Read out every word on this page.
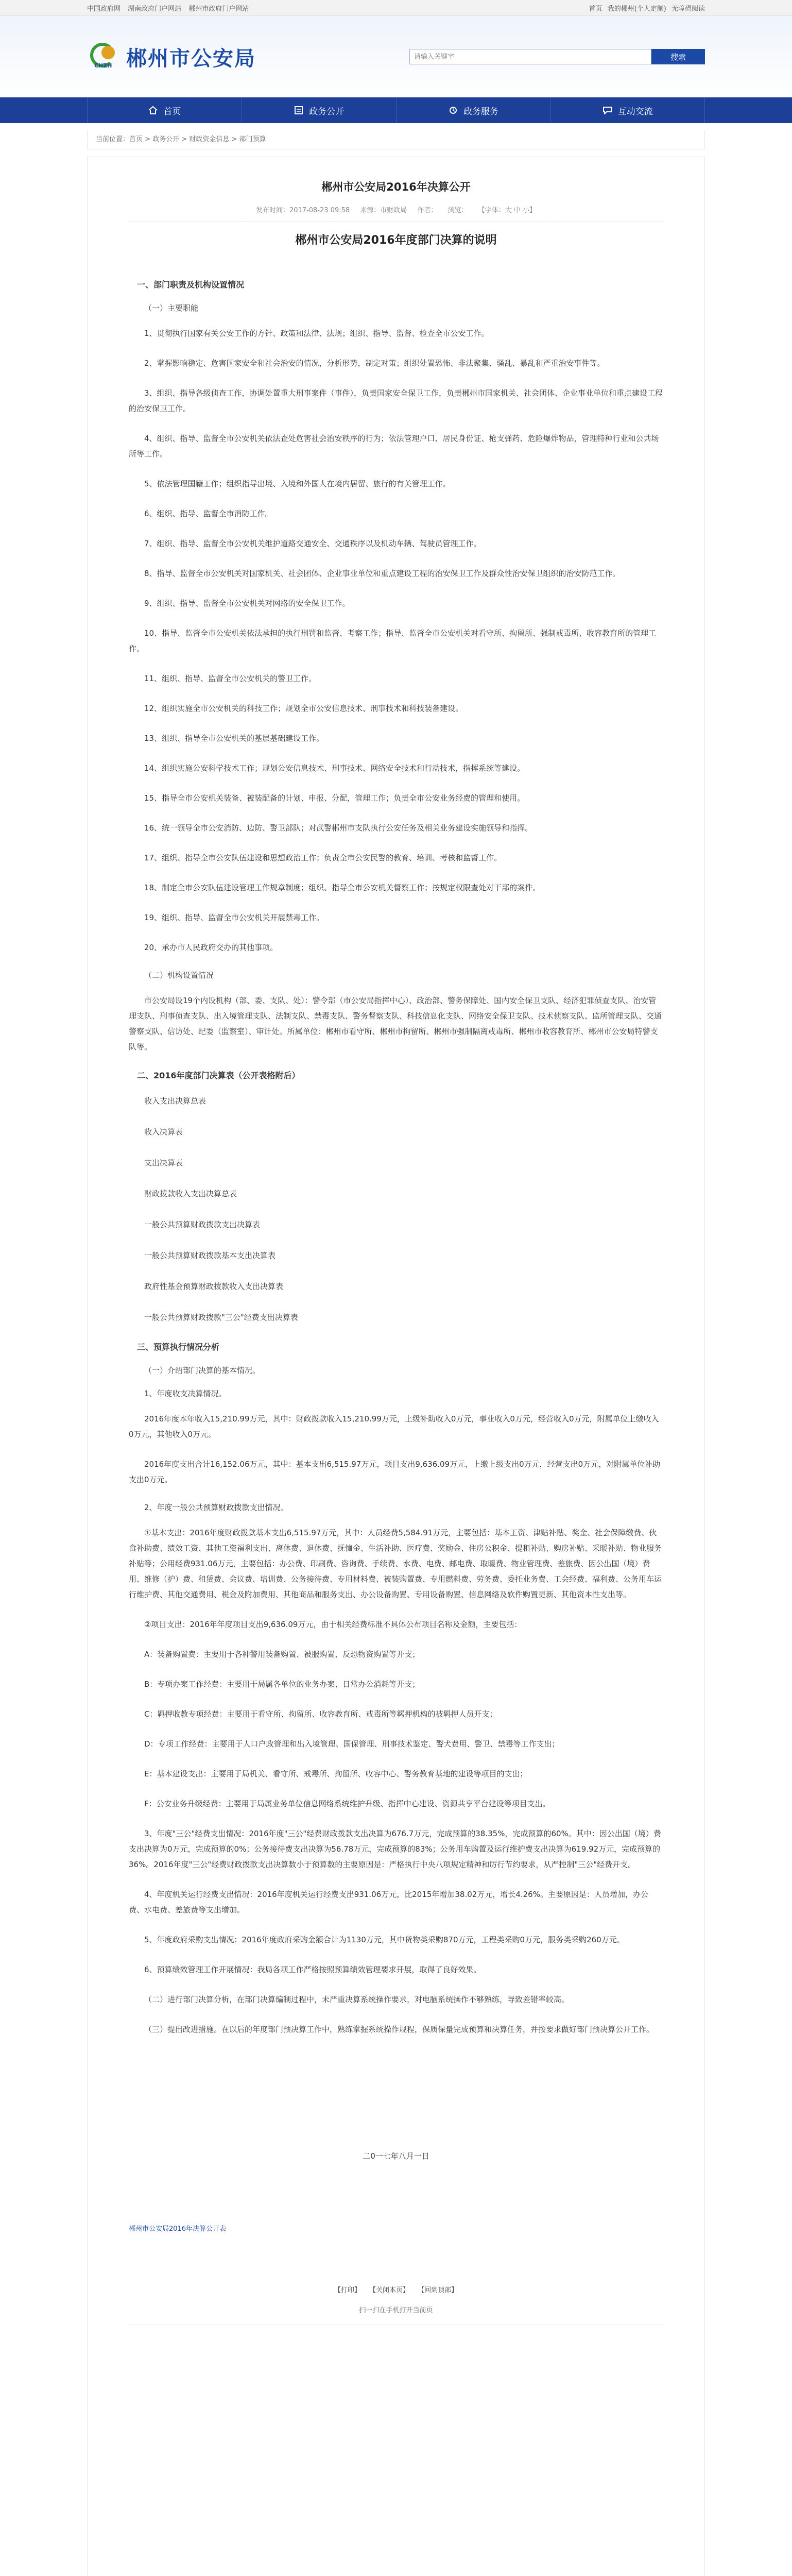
中国政府网 湖南政府门户网站 郴州市政府门户网站	首页 我的郴州(个人定制) 无障碍阅读
CHZH 郴州市公安局
请输入关键字	搜索
首页	政务公开	政务服务	互动交流
当前位置：首页 > 政务公开 > 财政资金信息 > 部门预算
郴州市公安局2016年决算公开
发布时间：2017-08-23 09:58 来源：市财政局 作者： 浏览： 【字体：大 中 小】
郴州市公安局2016年度部门决算的说明
一、部门职责及机构设置情况
（一）主要职能
1、贯彻执行国家有关公安工作的方针、政策和法律、法规；组织、指导、监督、检查全市公安工作。
2、掌握影响稳定、危害国家安全和社会治安的情况，分析形势，制定对策；组织处置恐怖、非法聚集、骚乱、暴乱和严重治安事件等。
3、组织、指导各级侦查工作，协调处置重大刑事案件（事件），负责国家安全保卫工作，负责郴州市国家机关、社会团体、企业事业单位和重点建设工程的治安保卫工作。
4、组织、指导、监督全市公安机关依法查处危害社会治安秩序的行为；依法管理户口、居民身份证、枪支弹药、危险爆炸物品，管理特种行业和公共场所等工作。
5、依法管理国籍工作；组织指导出境、入境和外国人在境内居留、旅行的有关管理工作。
6、组织、指导、监督全市消防工作。
7、组织、指导、监督全市公安机关维护道路交通安全、交通秩序以及机动车辆、驾驶员管理工作。
8、指导、监督全市公安机关对国家机关、社会团体、企业事业单位和重点建设工程的治安保卫工作及群众性治安保卫组织的治安防范工作。
9、组织、指导、监督全市公安机关对网络的安全保卫工作。
10、指导、监督全市公安机关依法承担的执行刑罚和监督、考察工作；指导、监督全市公安机关对看守所、拘留所、强制戒毒所、收容教育所的管理工作。
11、组织、指导、监督全市公安机关的警卫工作。
12、组织实施全市公安机关的科技工作；规划全市公安信息技术、刑事技术和科技装备建设。
13、组织、指导全市公安机关的基层基础建设工作。
14、组织实施公安科学技术工作；规划公安信息技术、刑事技术、网络安全技术和行动技术，指挥系统等建设。
15、指导全市公安机关装备、被装配备的计划、申报、分配，管理工作；负责全市公安业务经费的管理和使用。
16、统一领导全市公安消防、边防、警卫部队；对武警郴州市支队执行公安任务及相关业务建设实施领导和指挥。
17、组织、指导全市公安队伍建设和思想政治工作；负责全市公安民警的教育、培训、考核和监督工作。
18、制定全市公安队伍建设管理工作规章制度；组织、指导全市公安机关督察工作；按规定权限查处对干部的案件。
19、组织、指导、监督全市公安机关开展禁毒工作。
20、承办市人民政府交办的其他事项。
（二）机构设置情况
市公安局设19个内设机构（部、委、支队、处）：警令部（市公安局指挥中心）、政治部、警务保障处、国内安全保卫支队、经济犯罪侦查支队、治安管理支队、刑事侦查支队、出入境管理支队、法制支队、禁毒支队、警务督察支队、科技信息化支队、网络安全保卫支队、技术侦察支队、监所管理支队、交通警察支队、信访处、纪委（监察室）、审计处。所属单位：郴州市看守所、郴州市拘留所、郴州市强制隔离戒毒所、郴州市收容教育所、郴州市公安局特警支队等。
二、2016年度部门决算表（公开表格附后）
收入支出决算总表
收入决算表
支出决算表
财政拨款收入支出决算总表
一般公共预算财政拨款支出决算表
一般公共预算财政拨款基本支出决算表
政府性基金预算财政拨款收入支出决算表
一般公共预算财政拨款"三公"经费支出决算表
三、预算执行情况分析
（一）介绍部门决算的基本情况。
1、年度收支决算情况。
2016年度本年收入15,210.99万元，其中：财政拨款收入15,210.99万元，上级补助收入0万元，事业收入0万元，经营收入0万元，附属单位上缴收入0万元，其他收入0万元。
2016年度支出合计16,152.06万元，其中：基本支出6,515.97万元，项目支出9,636.09万元，上缴上级支出0万元，经营支出0万元，对附属单位补助支出0万元。
2、年度一般公共预算财政拨款支出情况。
①基本支出：2016年度财政拨款基本支出6,515.97万元，其中：人员经费5,584.91万元，主要包括：基本工资、津贴补贴、奖金、社会保障缴费、伙食补助费、绩效工资、其他工资福利支出、离休费、退休费、抚恤金、生活补助、医疗费、奖励金、住房公积金、提租补贴、购房补贴、采暖补贴、物业服务补贴等；公用经费931.06万元，主要包括：办公费、印刷费、咨询费、手续费、水费、电费、邮电费、取暖费、物业管理费、差旅费、因公出国（境）费用、维修（护）费、租赁费、会议费、培训费、公务接待费、专用材料费、被装购置费、专用燃料费、劳务费、委托业务费、工会经费、福利费、公务用车运行维护费、其他交通费用、税金及附加费用、其他商品和服务支出、办公设备购置、专用设备购置、信息网络及软件购置更新、其他资本性支出等。
②项目支出：2016年年度项目支出9,636.09万元，由于相关经费标准不具体公布项目名称及金额，主要包括：
A：装备购置费：主要用于各种警用装备购置、被服购置、反恐物资购置等开支；
B：专项办案工作经费：主要用于局属各单位的业务办案、日常办公消耗等开支；
C：羁押收教专项经费：主要用于看守所、拘留所、收容教育所、戒毒所等羁押机构的被羁押人员开支；
D：专项工作经费：主要用于人口户政管理和出入境管理、国保管理、刑事技术鉴定、警犬费用、警卫、禁毒等工作支出；
E：基本建设支出：主要用于局机关、看守所、戒毒所、拘留所、收容中心、警务教育基地的建设等项目的支出；
F：公安业务升级经费：主要用于局属业务单位信息网络系统维护升级、指挥中心建设、资源共享平台建设等项目支出。
3、年度"三公"经费支出情况：2016年度"三公"经费财政拨款支出决算为676.7万元，完成预算的38.35%，完成预算的60%。其中：因公出国（境）费支出决算为0万元，完成预算的0%；公务接待费支出决算为56.78万元，完成预算的83%；公务用车购置及运行维护费支出决算为619.92万元，完成预算的36%。2016年度"三公"经费财政拨款支出决算数小于预算数的主要原因是：严格执行中央八项规定精神和厉行节约要求，从严控制"三公"经费开支。
4、年度机关运行经费支出情况：2016年度机关运行经费支出931.06万元，比2015年增加38.02万元，增长4.26%。主要原因是：人员增加，办公费、水电费、差旅费等支出增加。
5、年度政府采购支出情况：2016年度政府采购金额合计为1130万元，其中货物类采购870万元，工程类采购0万元，服务类采购260万元。
6、预算绩效管理工作开展情况：我局各项工作严格按照预算绩效管理要求开展，取得了良好效果。
（二）进行部门决算分析，在部门决算编制过程中，未严重决算系统操作要求，对电脑系统操作不够熟练，导致差错率较高。
（三）提出改进措施。在以后的年度部门预决算工作中，熟练掌握系统操作规程，保质保量完成预算和决算任务，并按要求做好部门预决算公开工作。
二0一七年八月一日
郴州市公安局2016年决算公开表
【打印】 【关闭本页】 【回到顶部】
扫一扫在手机打开当前页
